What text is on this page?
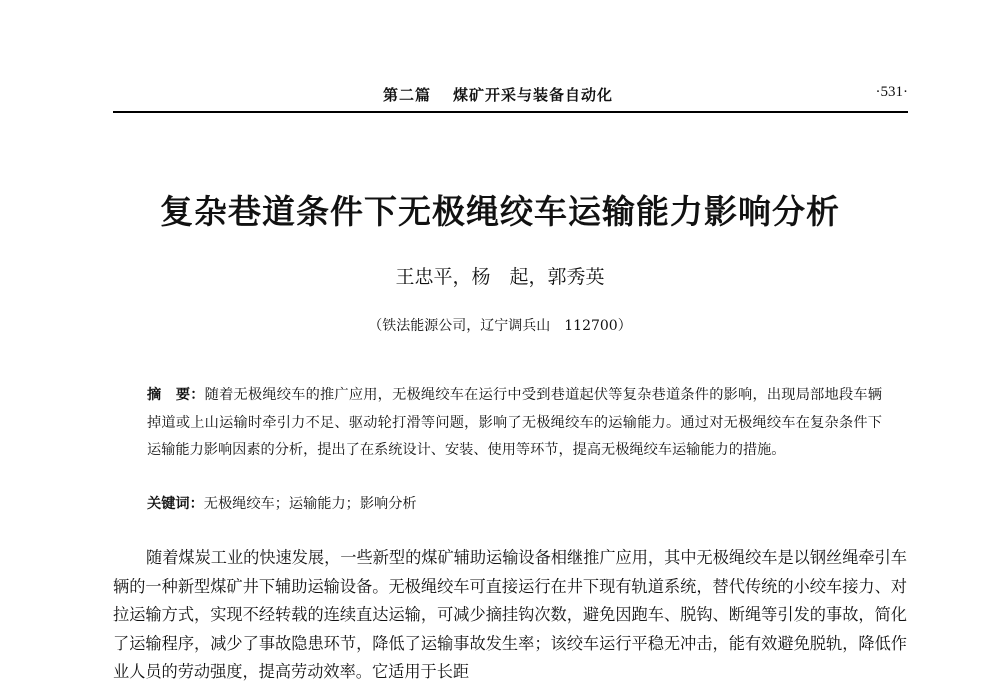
第二篇 煤矿开采与装备自动化	·531·
复杂巷道条件下无极绳绞车运输能力影响分析
王忠平，杨　起，郭秀英
（铁法能源公司，辽宁调兵山　112700）
摘　要：随着无极绳绞车的推广应用，无极绳绞车在运行中受到巷道起伏等复杂巷道条件的影响，出现局部地段车辆掉道或上山运输时牵引力不足、驱动轮打滑等问题，影响了无极绳绞车的运输能力。通过对无极绳绞车在复杂条件下运输能力影响因素的分析，提出了在系统设计、安装、使用等环节，提高无极绳绞车运输能力的措施。
关键词：无极绳绞车；运输能力；影响分析
随着煤炭工业的快速发展，一些新型的煤矿辅助运输设备相继推广应用，其中无极绳绞车是以钢丝绳牵引车辆的一种新型煤矿井下辅助运输设备。无极绳绞车可直接运行在井下现有轨道系统，替代传统的小绞车接力、对拉运输方式，实现不经转载的连续直达运输，可减少摘挂钩次数，避免因跑车、脱钩、断绳等引发的事故，简化了运输程序，减少了事故隐患环节，降低了运输事故发生率；该绞车运行平稳无冲击，能有效避免脱轨，降低作业人员的劳动强度，提高劳动效率。它适用于长距
